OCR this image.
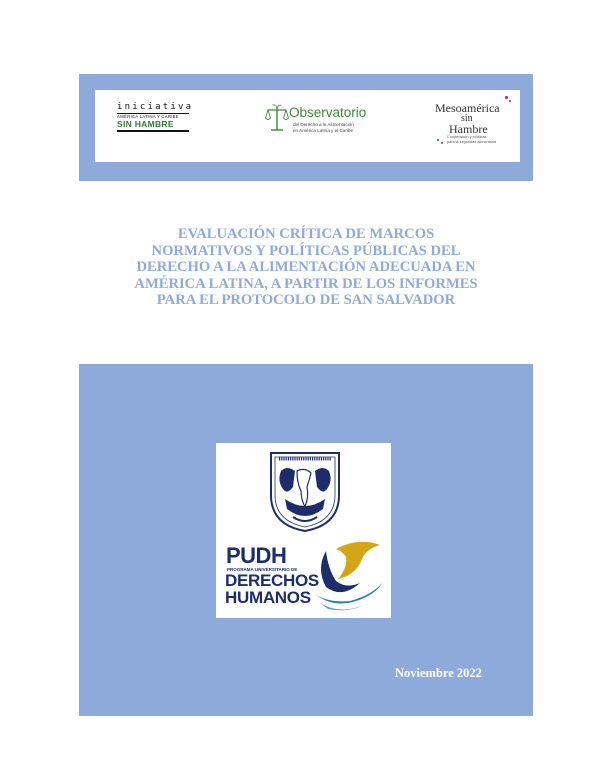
iniciativa
AMÉRICA LATINA Y CARIBE
SIN HAMBRE
Observatorio
del Derecho a la Alimentación
en América Latina y el Caribe
Mesoamérica
sin
Hambre
Cooperación y políticas
para la seguridad alimentaria
EVALUACIÓN CRÍTICA DE MARCOS
NORMATIVOS Y POLÍTICAS PÚBLICAS DEL
DERECHO A LA ALIMENTACIÓN ADECUADA EN
AMÉRICA LATINA, A PARTIR DE LOS INFORMES
PARA EL PROTOCOLO DE SAN SALVADOR
PUDH
PROGRAMA UNIVERSITARIO DE
DERECHOS
HUMANOS
Noviembre 2022
